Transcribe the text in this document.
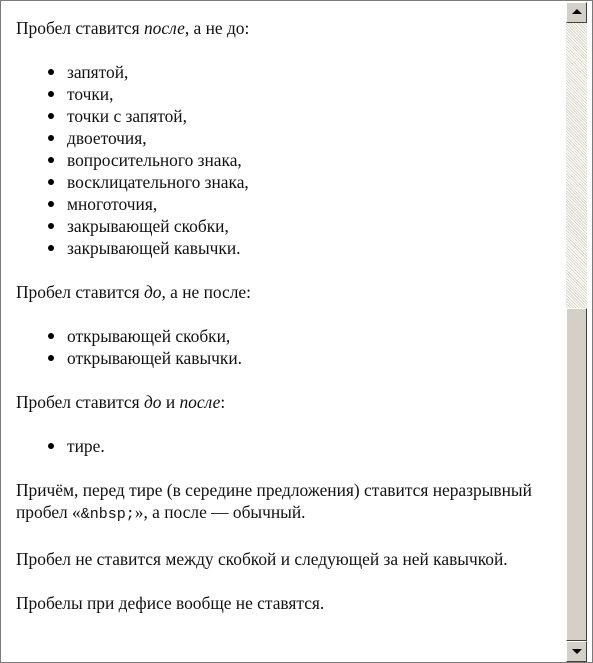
Пробел ставится после, а не до:

запятой,
точки,
точки с запятой,
двоеточия,
вопросительного знака,
восклицательного знака,
многоточия,
закрывающей скобки,
закрывающей кавычки.

Пробел ставится до, а не после:

открывающей скобки,
открывающей кавычки.

Пробел ставится до и после:

тире.

Причём, перед тире (в середине предложения) ставится неразрывный пробел «&nbsp;», а после — обычный.

Пробел не ставится между скобкой и следующей за ней кавычкой.

Пробелы при дефисе вообще не ставятся.
